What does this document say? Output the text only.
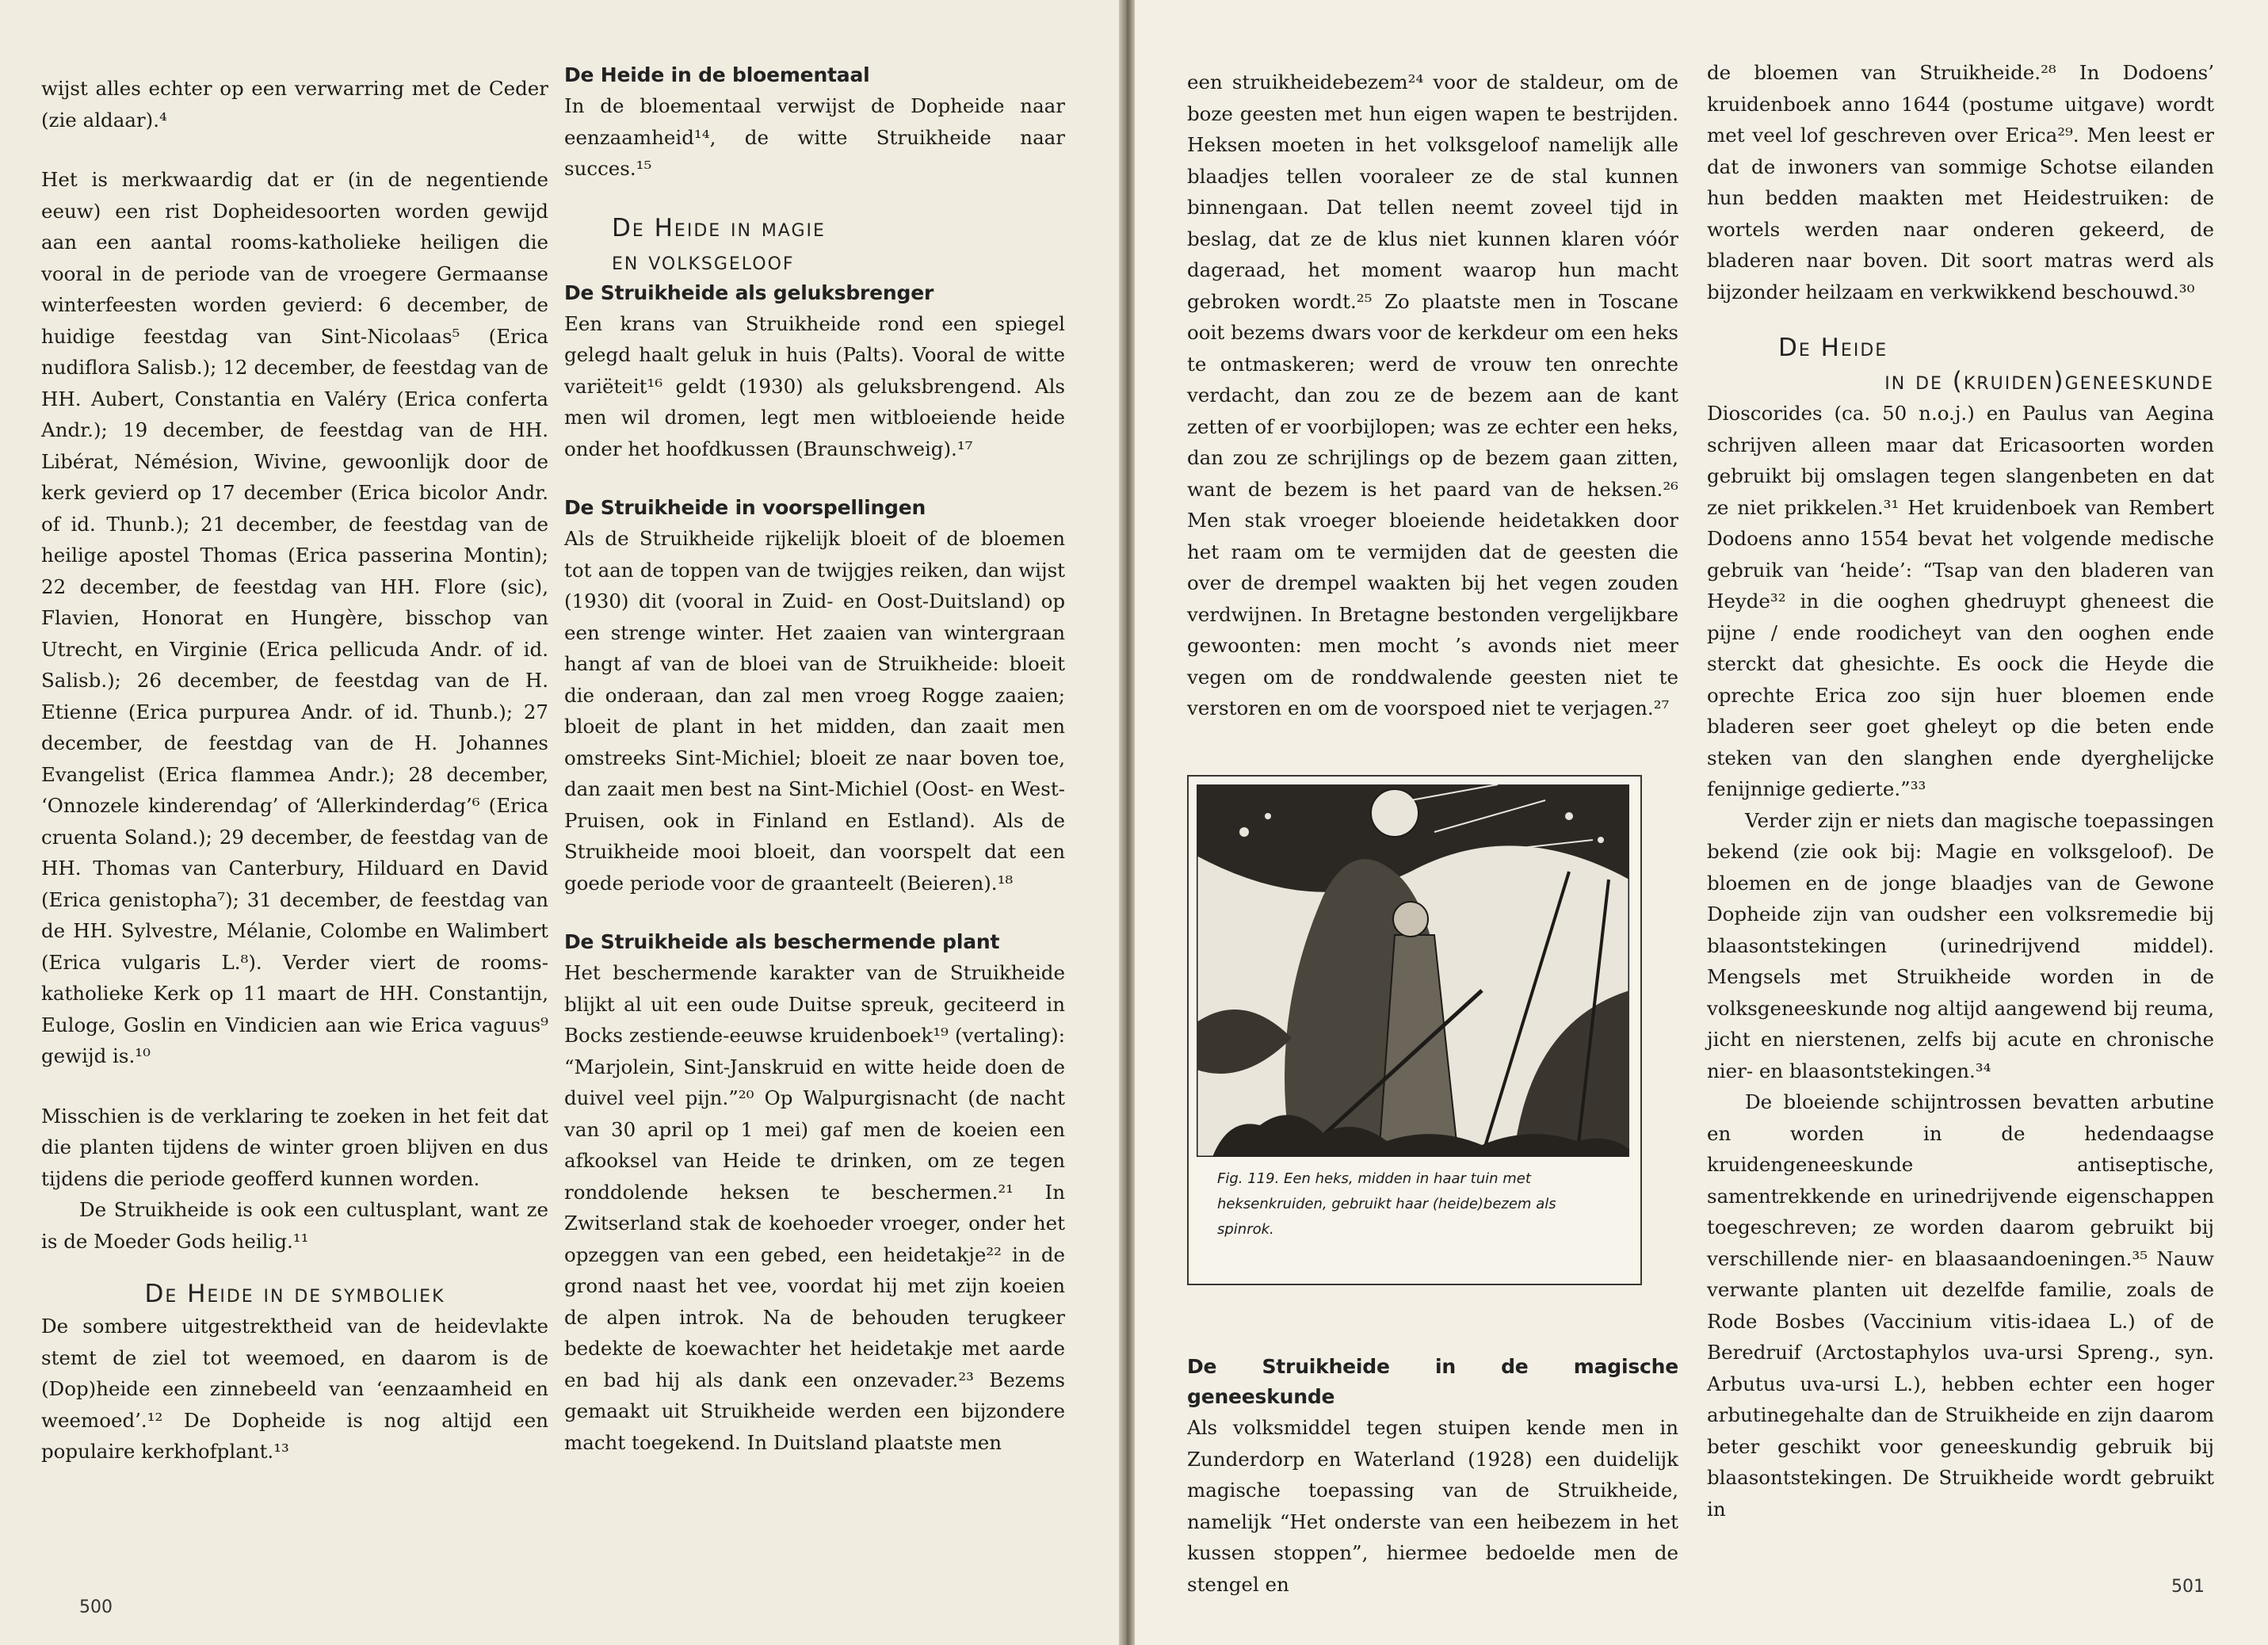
wijst alles echter op een verwarring met de Ceder (zie aldaar).⁴

Het is merkwaardig dat er (in de negentiende eeuw) een rist Dopheidesoorten worden gewijd aan een aantal rooms-katholieke heiligen die vooral in de periode van de vroegere Germaanse winterfeesten worden gevierd: 6 december, de huidige feestdag van Sint-Nicolaas⁵ (Erica nudiflora Salisb.); 12 december, de feestdag van de HH. Aubert, Constantia en Valéry (Erica conferta Andr.); 19 december, de feestdag van de HH. Libérat, Némésion, Wivine, gewoonlijk door de kerk gevierd op 17 december (Erica bicolor Andr. of id. Thunb.); 21 december, de feestdag van de heilige apostel Thomas (Erica passerina Montin); 22 december, de feestdag van HH. Flore (sic), Flavien, Honorat en Hungère, bisschop van Utrecht, en Virginie (Erica pellicuda Andr. of id. Salisb.); 26 december, de feestdag van de H. Etienne (Erica purpurea Andr. of id. Thunb.); 27 december, de feestdag van de H. Johannes Evangelist (Erica flammea Andr.); 28 december, ‘Onnozele kinderendag’ of ‘Allerkinderdag’⁶ (Erica cruenta Soland.); 29 december, de feestdag van de HH. Thomas van Canterbury, Hilduard en David (Erica genistopha⁷); 31 december, de feestdag van de HH. Sylvestre, Mélanie, Colombe en Walimbert (Erica vulgaris L.⁸). Verder viert de rooms-katholieke Kerk op 11 maart de HH. Constantijn, Euloge, Goslin en Vindicien aan wie Erica vaguus⁹ gewijd is.¹⁰

Misschien is de verklaring te zoeken in het feit dat die planten tijdens de winter groen blijven en dus tijdens die periode geofferd kunnen worden.

De Struikheide is ook een cultusplant, want ze is de Moeder Gods heilig.¹¹

De Heide in de symboliek

De sombere uitgestrektheid van de heidevlakte stemt de ziel tot weemoed, en daarom is de (Dop)heide een zinnebeeld van ‘eenzaamheid en weemoed’.¹² De Dopheide is nog altijd een populaire kerkhofplant.¹³

De Heide in de bloementaal

In de bloementaal verwijst de Dopheide naar eenzaamheid¹⁴, de witte Struikheide naar succes.¹⁵

De Heide in magie
en volksgeloof
De Struikheide als geluksbrenger

Een krans van Struikheide rond een spiegel gelegd haalt geluk in huis (Palts). Vooral de witte variëteit¹⁶ geldt (1930) als geluksbrengend. Als men wil dromen, legt men witbloeiende heide onder het hoofdkussen (Braunschweig).¹⁷

De Struikheide in voorspellingen

Als de Struikheide rijkelijk bloeit of de bloemen tot aan de toppen van de twijgjes reiken, dan wijst (1930) dit (vooral in Zuid- en Oost-Duitsland) op een strenge winter. Het zaaien van wintergraan hangt af van de bloei van de Struikheide: bloeit die onderaan, dan zal men vroeg Rogge zaaien; bloeit de plant in het midden, dan zaait men omstreeks Sint-Michiel; bloeit ze naar boven toe, dan zaait men best na Sint-Michiel (Oost- en West-Pruisen, ook in Finland en Estland). Als de Struikheide mooi bloeit, dan voorspelt dat een goede periode voor de graanteelt (Beieren).¹⁸

De Struikheide als beschermende plant

Het beschermende karakter van de Struikheide blijkt al uit een oude Duitse spreuk, geciteerd in Bocks zestiende-eeuwse kruidenboek¹⁹ (vertaling): “Marjolein, Sint-Janskruid en witte heide doen de duivel veel pijn.”²⁰ Op Walpurgisnacht (de nacht van 30 april op 1 mei) gaf men de koeien een afkooksel van Heide te drinken, om ze tegen ronddolende heksen te beschermen.²¹ In Zwitserland stak de koehoeder vroeger, onder het opzeggen van een gebed, een heidetakje²² in de grond naast het vee, voordat hij met zijn koeien de alpen introk. Na de behouden terugkeer bedekte de koewachter het heidetakje met aarde en bad hij als dank een onzevader.²³ Bezems gemaakt uit Struikheide werden een bijzondere macht toegekend. In Duitsland plaatste men

500

een struikheidebezem²⁴ voor de staldeur, om de boze geesten met hun eigen wapen te bestrijden. Heksen moeten in het volksgeloof namelijk alle blaadjes tellen vooraleer ze de stal kunnen binnengaan. Dat tellen neemt zoveel tijd in beslag, dat ze de klus niet kunnen klaren vóór dageraad, het moment waarop hun macht gebroken wordt.²⁵ Zo plaatste men in Toscane ooit bezems dwars voor de kerkdeur om een heks te ontmaskeren; werd de vrouw ten onrechte verdacht, dan zou ze de bezem aan de kant zetten of er voorbijlopen; was ze echter een heks, dan zou ze schrijlings op de bezem gaan zitten, want de bezem is het paard van de heksen.²⁶ Men stak vroeger bloeiende heidetakken door het raam om te vermijden dat de geesten die over de drempel waakten bij het vegen zouden verdwijnen. In Bretagne bestonden vergelijkbare gewoonten: men mocht ’s avonds niet meer vegen om de ronddwalende geesten niet te verstoren en om de voorspoed niet te verjagen.²⁷

Fig. 119. Een heks, midden in haar tuin met heksenkruiden, gebruikt haar (heide)bezem als spinrok.
De Struikheide in de magische geneeskunde

Als volksmiddel tegen stuipen kende men in Zunderdorp en Waterland (1928) een duidelijk magische toepassing van de Struikheide, namelijk “Het onderste van een heibezem in het kussen stoppen”, hiermee bedoelde men de stengel en

de bloemen van Struikheide.²⁸ In Dodoens’ kruidenboek anno 1644 (postume uitgave) wordt met veel lof geschreven over Erica²⁹. Men leest er dat de inwoners van sommige Schotse eilanden hun bedden maakten met Heidestruiken: de wortels werden naar onderen gekeerd, de bladeren naar boven. Dit soort matras werd als bijzonder heilzaam en verkwikkend beschouwd.³⁰

De Heide
in de (kruiden)geneeskunde

Dioscorides (ca. 50 n.o.j.) en Paulus van Aegina schrijven alleen maar dat Ericasoorten worden gebruikt bij omslagen tegen slangenbeten en dat ze niet prikkelen.³¹ Het kruidenboek van Rembert Dodoens anno 1554 bevat het volgende medische gebruik van ‘heide’: “Tsap van den bladeren van Heyde³² in die ooghen ghedruypt gheneest die pijne / ende roodicheyt van den ooghen ende sterckt dat ghesichte. Es oock die Heyde die oprechte Erica zoo sijn huer bloemen ende bladeren seer goet gheleyt op die beten ende steken van den slanghen ende dyerghelijcke fenijnnige gedierte.”³³

Verder zijn er niets dan magische toepassingen bekend (zie ook bij: Magie en volksgeloof). De bloemen en de jonge blaadjes van de Gewone Dopheide zijn van oudsher een volksremedie bij blaasontstekingen (urinedrijvend middel). Mengsels met Struikheide worden in de volksgeneeskunde nog altijd aangewend bij reuma, jicht en nierstenen, zelfs bij acute en chronische nier- en blaasontstekingen.³⁴

De bloeiende schijntrossen bevatten arbutine en worden in de hedendaagse kruidengeneeskunde antiseptische, samentrekkende en urinedrijvende eigenschappen toegeschreven; ze worden daarom gebruikt bij verschillende nier- en blaasaandoeningen.³⁵ Nauw verwante planten uit dezelfde familie, zoals de Rode Bosbes (Vaccinium vitis-idaea L.) of de Beredruif (Arctostaphylos uva-ursi Spreng., syn. Arbutus uva-ursi L.), hebben echter een hoger arbutinegehalte dan de Struikheide en zijn daarom beter geschikt voor geneeskundig gebruik bij blaasontstekingen. De Struikheide wordt gebruikt in

501
